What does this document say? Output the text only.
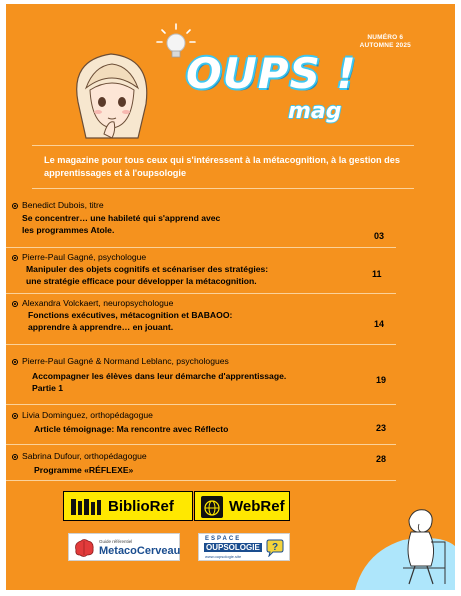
NUMÉRO 6
AUTOMNE 2025
OUPS !
mag
Le magazine pour tous ceux qui s'intéressent à la métacognition, à la gestion des apprentissages et à l'oupsologie
Benedict Dubois, titre
Se concentrer… une habileté qui s'apprend avec
les programmes Atole.
03
Pierre-Paul Gagné, psychologue
Manipuler des objets cognitifs et scénariser des stratégies:
une stratégie efficace pour développer la métacognition.
11
Alexandra Volckaert, neuropsychologue
Fonctions exécutives, métacognition et BABAOO:
apprendre à apprendre… en jouant.	14
Pierre-Paul Gagné & Normand Leblanc, psychologues
Accompagner les élèves dans leur démarche d'apprentissage.
Partie 1
19
Livia Dominguez, orthopédagogue
Article témoignage: Ma rencontre avec Réflecto	23
Sabrina Dufour, orthopédagogue
Programme «RÉFLEXE»
28
BiblioRef	WebRef
Guide référentiel
MetacoCerveau
ESPACE
OUPSOLOGIE
www.oupsologie.site
?
